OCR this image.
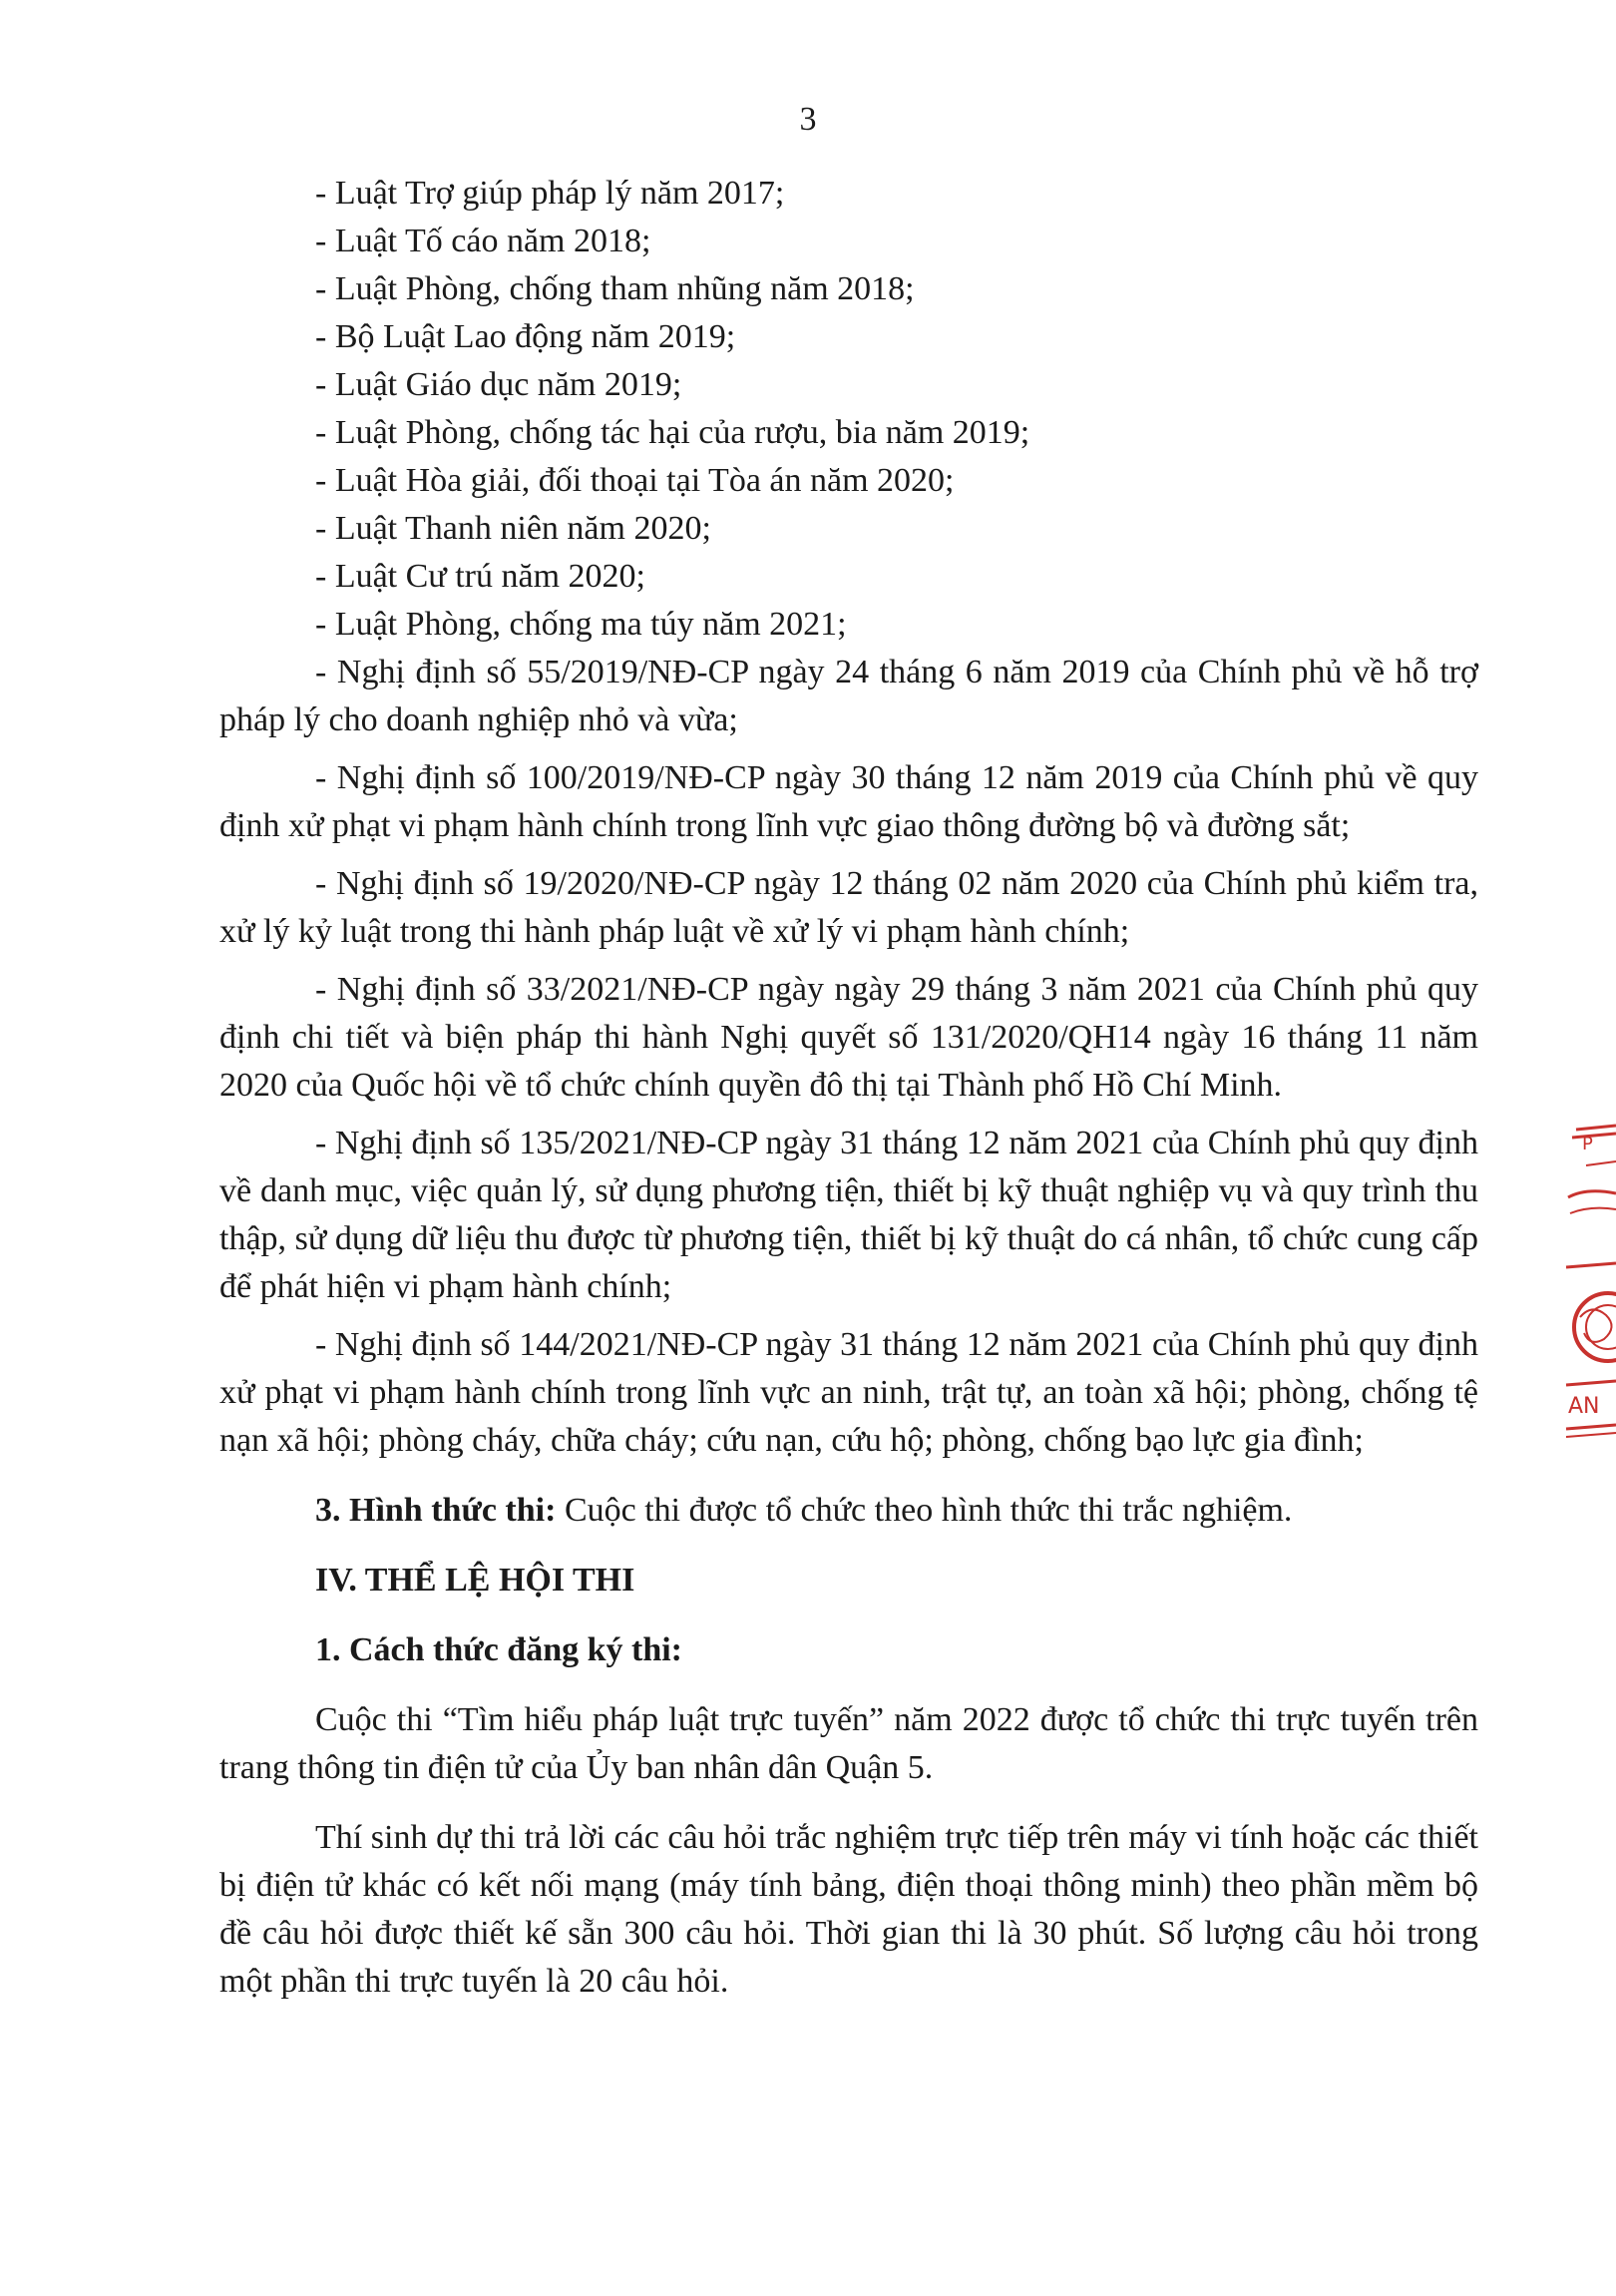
3
- Luật Trợ giúp pháp lý năm 2017;
- Luật Tố cáo năm 2018;
- Luật Phòng, chống tham nhũng năm 2018;
- Bộ Luật Lao động năm 2019;
- Luật Giáo dục năm 2019;
- Luật Phòng, chống tác hại của rượu, bia năm 2019;
- Luật Hòa giải, đối thoại tại Tòa án năm 2020;
- Luật Thanh niên năm 2020;
- Luật Cư trú năm 2020;
- Luật Phòng, chống ma túy năm 2021;
- Nghị định số 55/2019/NĐ-CP ngày 24 tháng 6 năm 2019 của Chính phủ về hỗ trợ pháp lý cho doanh nghiệp nhỏ và vừa;
- Nghị định số 100/2019/NĐ-CP ngày 30 tháng 12 năm 2019 của Chính phủ về quy định xử phạt vi phạm hành chính trong lĩnh vực giao thông đường bộ và đường sắt;
- Nghị định số 19/2020/NĐ-CP ngày 12 tháng 02 năm 2020 của Chính phủ kiểm tra, xử lý kỷ luật trong thi hành pháp luật về xử lý vi phạm hành chính;
- Nghị định số 33/2021/NĐ-CP ngày ngày 29 tháng 3 năm 2021 của Chính phủ quy định chi tiết và biện pháp thi hành Nghị quyết số 131/2020/QH14 ngày 16 tháng 11 năm 2020 của Quốc hội về tổ chức chính quyền đô thị tại Thành phố Hồ Chí Minh.
- Nghị định số 135/2021/NĐ-CP ngày 31 tháng 12 năm 2021 của Chính phủ quy định về danh mục, việc quản lý, sử dụng phương tiện, thiết bị kỹ thuật nghiệp vụ và quy trình thu thập, sử dụng dữ liệu thu được từ phương tiện, thiết bị kỹ thuật do cá nhân, tổ chức cung cấp để phát hiện vi phạm hành chính;
- Nghị định số 144/2021/NĐ-CP ngày 31 tháng 12 năm 2021 của Chính phủ quy định xử phạt vi phạm hành chính trong lĩnh vực an ninh, trật tự, an toàn xã hội; phòng, chống tệ nạn xã hội; phòng cháy, chữa cháy; cứu nạn, cứu hộ; phòng, chống bạo lực gia đình;
3. Hình thức thi: Cuộc thi được tổ chức theo hình thức thi trắc nghiệm.
IV. THỂ LỆ HỘI THI
1. Cách thức đăng ký thi:
Cuộc thi “Tìm hiểu pháp luật trực tuyến” năm 2022 được tổ chức thi trực tuyến trên trang thông tin điện tử của Ủy ban nhân dân Quận 5.
Thí sinh dự thi trả lời các câu hỏi trắc nghiệm trực tiếp trên máy vi tính hoặc các thiết bị điện tử khác có kết nối mạng (máy tính bảng, điện thoại thông minh) theo phần mềm bộ đề câu hỏi được thiết kế sẵn 300 câu hỏi. Thời gian thi là 30 phút. Số lượng câu hỏi trong một phần thi trực tuyến là 20 câu hỏi.
P
AN
